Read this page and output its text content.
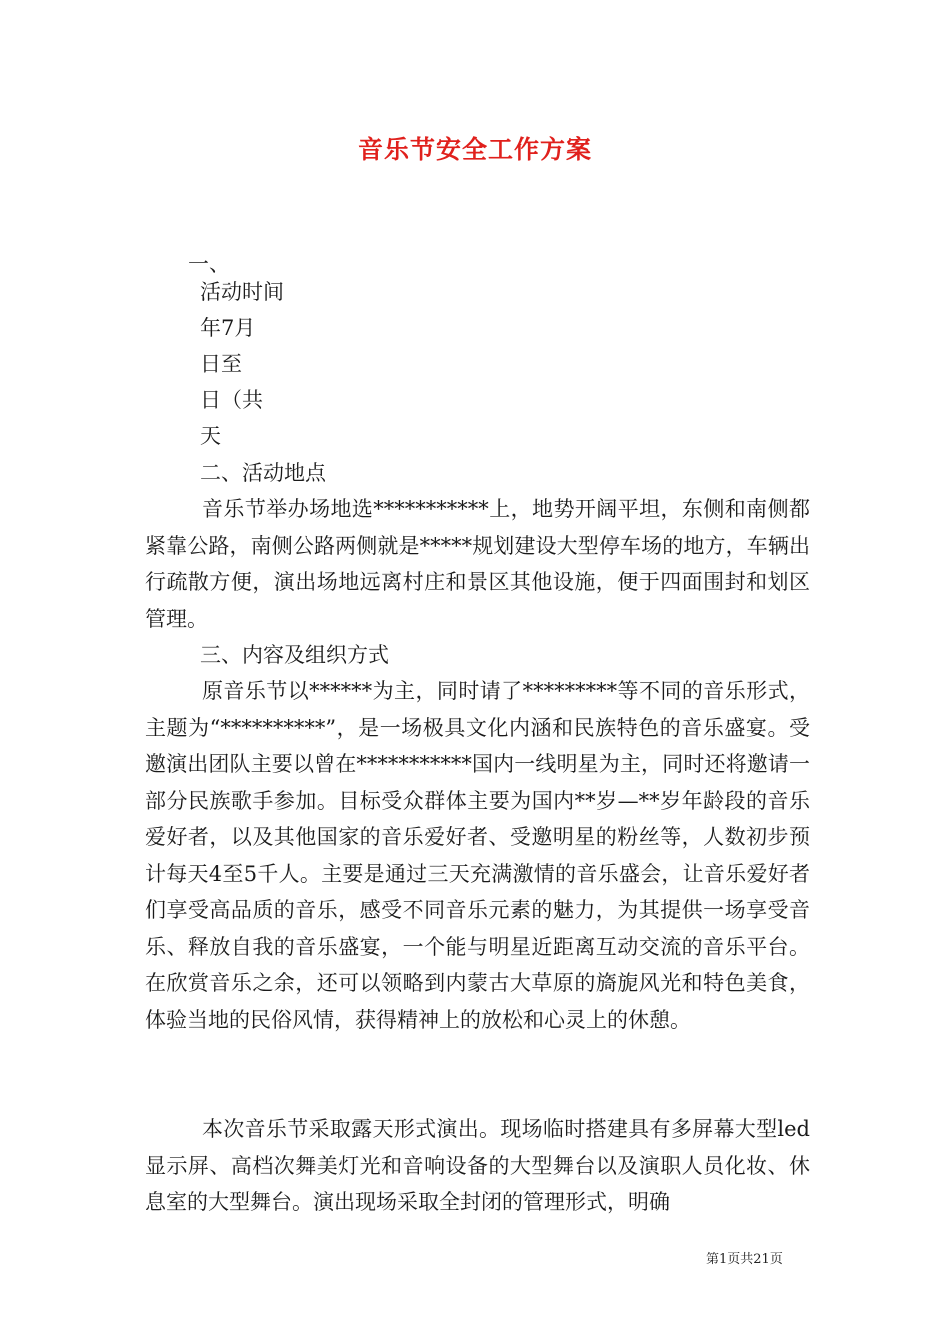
音乐节安全工作方案
一、
活动时间
年7月
日至
日（共
天
二、活动地点

音乐节举办场地选***********上，地势开阔平坦，东侧和南侧都紧靠公路，南侧公路两侧就是*****规划建设大型停车场的地方，车辆出行疏散方便，演出场地远离村庄和景区其他设施，便于四面围封和划区管理。

三、内容及组织方式

原音乐节以******为主，同时请了*********等不同的音乐形式，主题为“**********”，是一场极具文化内涵和民族特色的音乐盛宴。受邀演出团队主要以曾在***********国内一线明星为主，同时还将邀请一部分民族歌手参加。目标受众群体主要为国内**岁—**岁年龄段的音乐爱好者，以及其他国家的音乐爱好者、受邀明星的粉丝等，人数初步预计每天4至5千人。主要是通过三天充满激情的音乐盛会，让音乐爱好者们享受高品质的音乐，感受不同音乐元素的魅力，为其提供一场享受音乐、释放自我的音乐盛宴，一个能与明星近距离互动交流的音乐平台。在欣赏音乐之余，还可以领略到内蒙古大草原的旖旎风光和特色美食，体验当地的民俗风情，获得精神上的放松和心灵上的休憩。

本次音乐节采取露天形式演出。现场临时搭建具有多屏幕大型led显示屏、高档次舞美灯光和音响设备的大型舞台以及演职人员化妆、休息室的大型舞台。演出现场采取全封闭的管理形式，明确

第1页共21页
